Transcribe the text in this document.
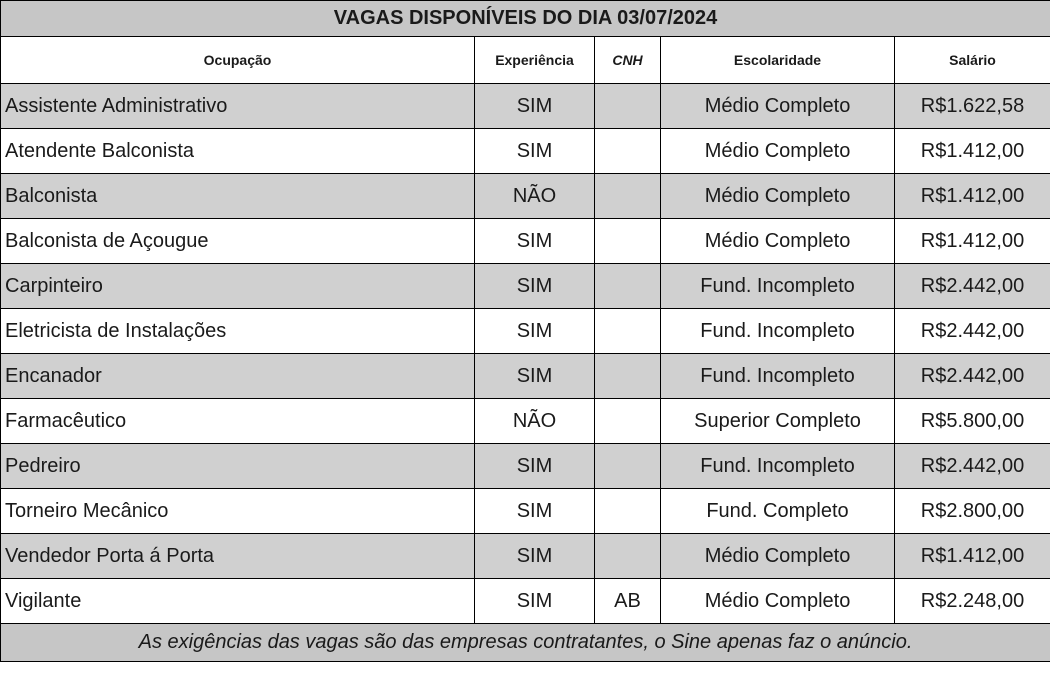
VAGAS DISPONÍVEIS DO DIA 03/07/2024				
Ocupação	Experiência	CNH	Escolaridade	Salário
Assistente Administrativo	SIM		Médio Completo	R$1.622,58
Atendente Balconista	SIM		Médio Completo	R$1.412,00
Balconista	NÃO		Médio Completo	R$1.412,00
Balconista de Açougue	SIM		Médio Completo	R$1.412,00
Carpinteiro	SIM		Fund. Incompleto	R$2.442,00
Eletricista de Instalações	SIM		Fund. Incompleto	R$2.442,00
Encanador	SIM		Fund. Incompleto	R$2.442,00
Farmacêutico	NÃO		Superior Completo	R$5.800,00
Pedreiro	SIM		Fund. Incompleto	R$2.442,00
Torneiro Mecânico	SIM		Fund. Completo	R$2.800,00
Vendedor Porta á Porta	SIM		Médio Completo	R$1.412,00
Vigilante	SIM	AB	Médio Completo	R$2.248,00
As exigências das vagas são das empresas contratantes, o Sine apenas faz o anúncio.				
